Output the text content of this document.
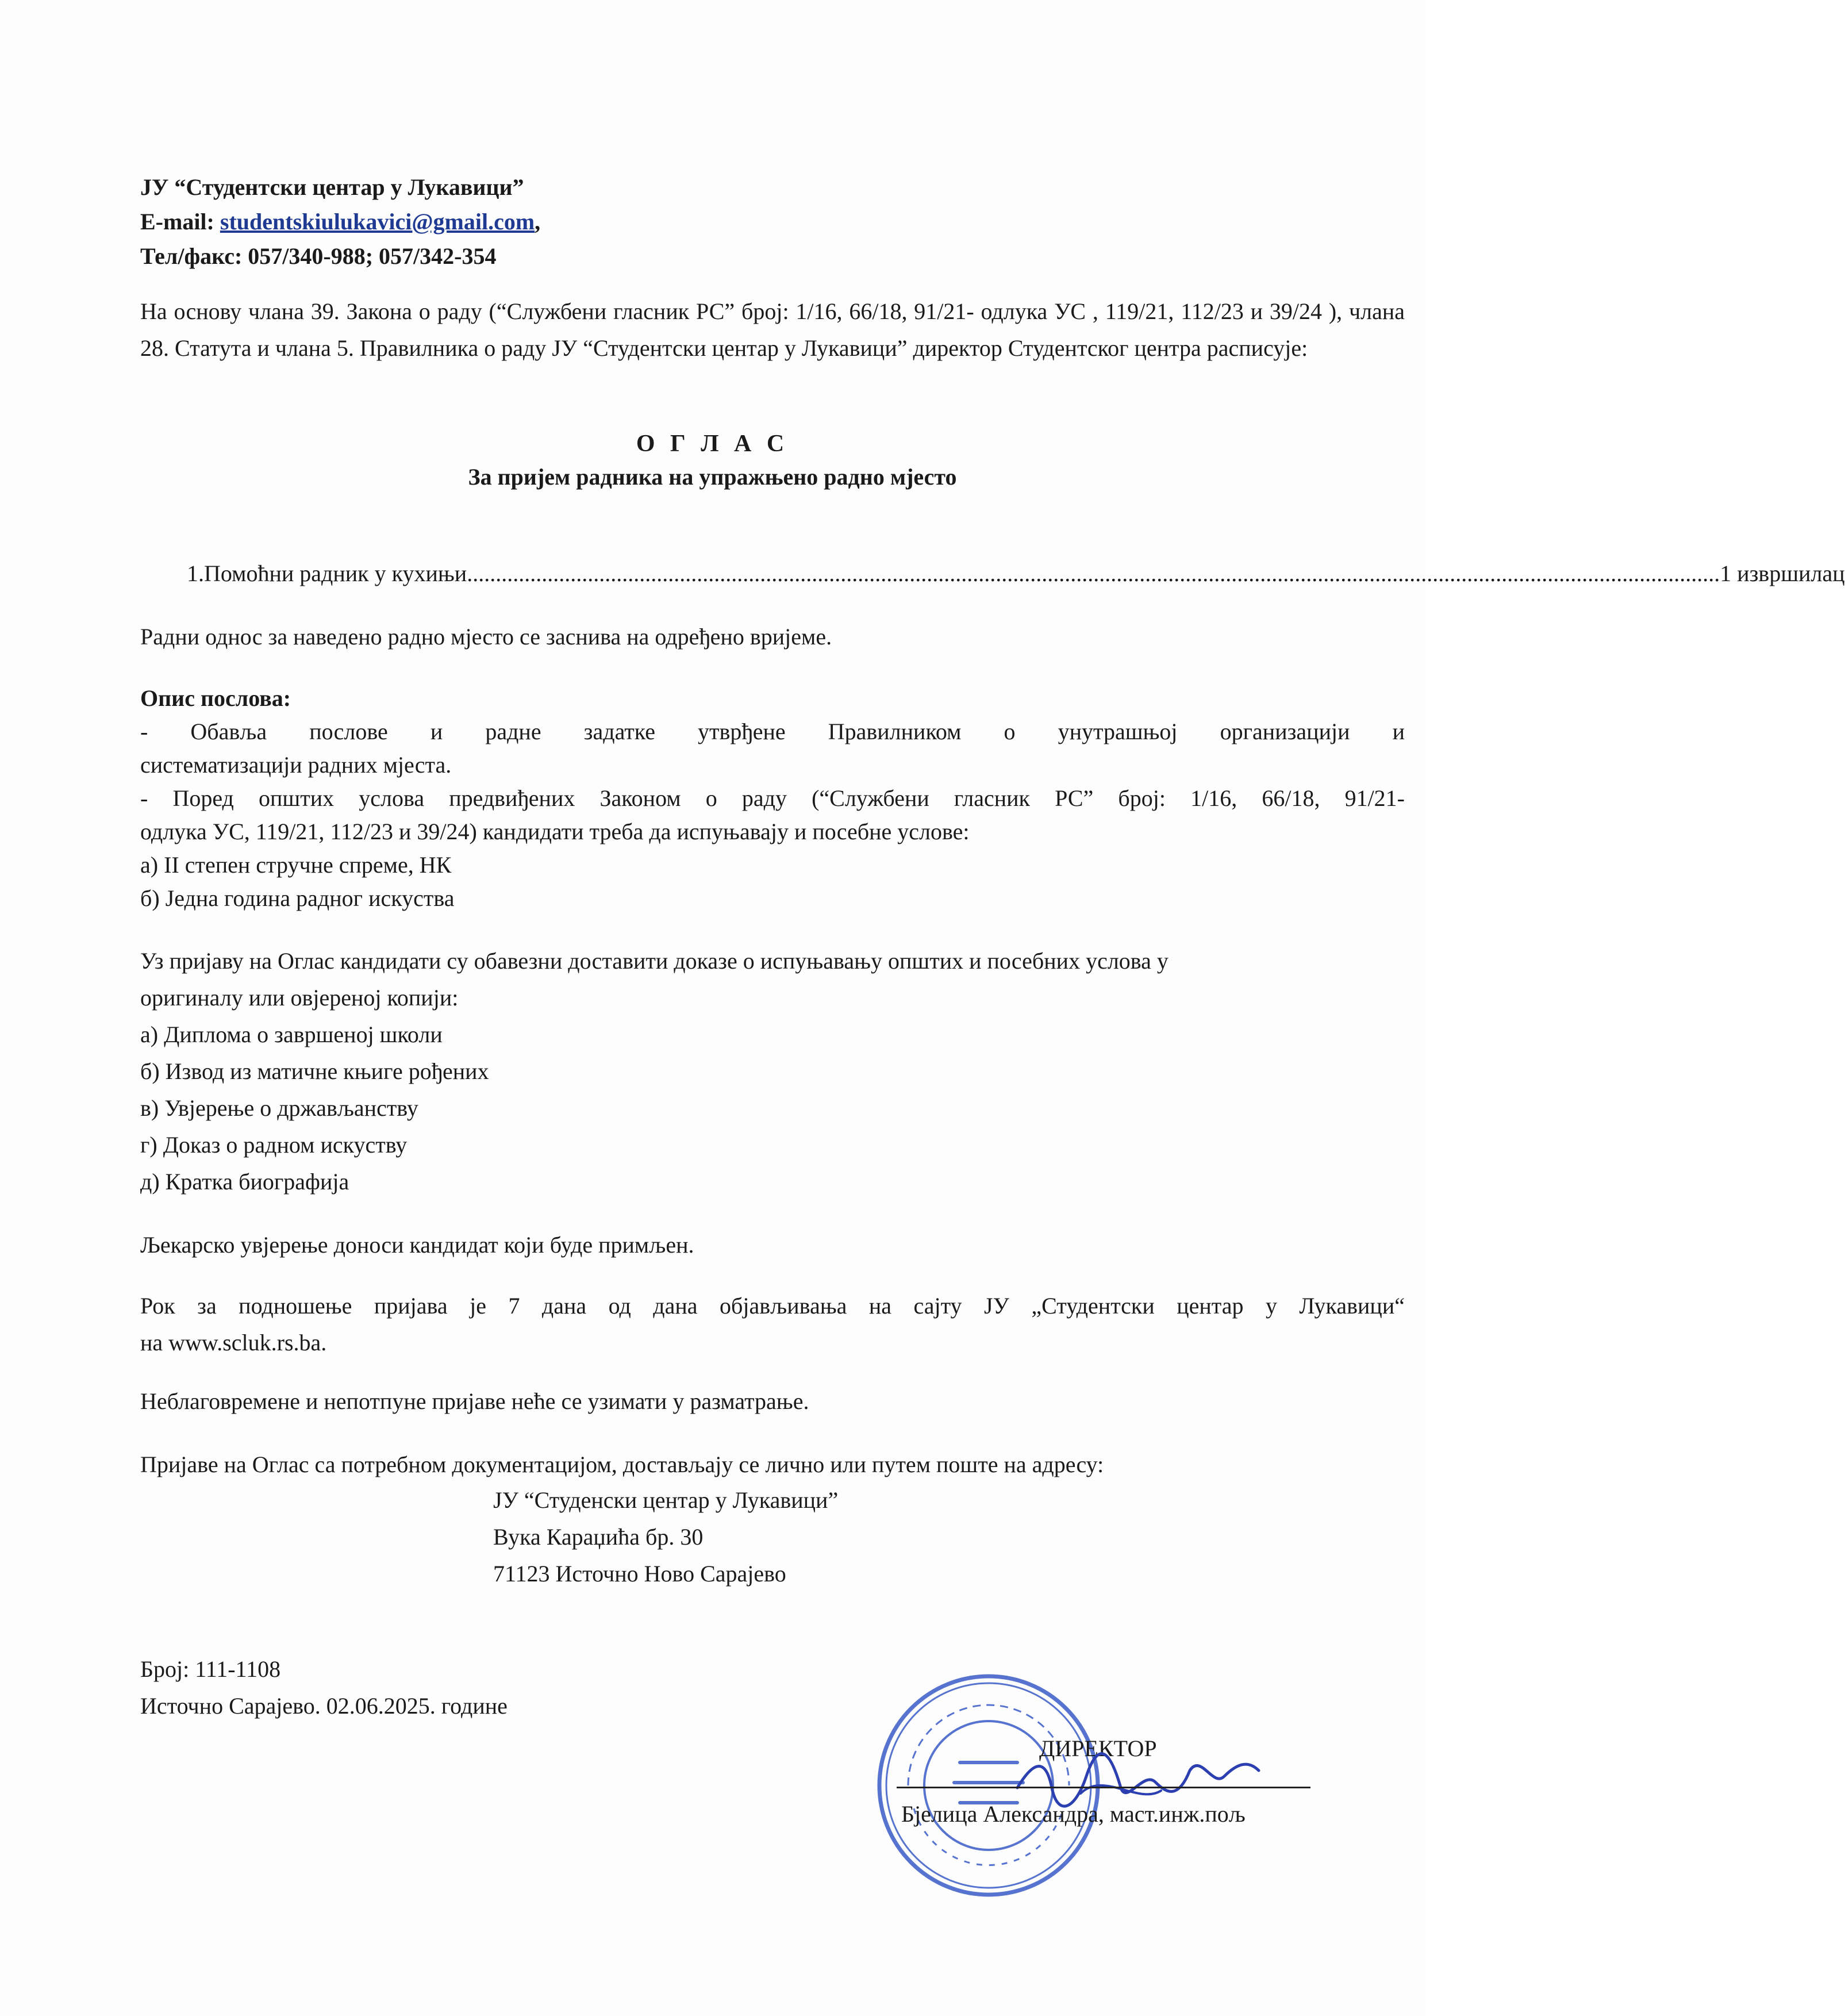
ЈУ “Студентски центар у Лукавици”
E-mail: studentskiulukavici@gmail.com,
Тел/факс: 057/340-988; 057/342-354
На основу члана 39. Закона о раду (“Службени гласник РС” број: 1/16, 66/18, 91/21- одлука УС , 119/21, 112/23 и 39/24 ), члана 28. Статута и члана 5. Правилника о раду ЈУ “Студентски центар у Лукавици” директор Студентског центра расписује:
О Г Л А С
За пријем радника на упражњено радно мјесто
1. Помоћни радник у кухињи .......................................................................................................................................................................................................................... 1 извршилац
Радни однос за наведено радно мјесто се заснива на одређено вријеме.
Опис послова:
- Обавља послове и радне задатке утврђене Правилником о унутрашњој организацији и
систематизацији радних мјеста.
- Поред општих услова предвиђених Законом о раду (“Службени гласник РС” број: 1/16, 66/18, 91/21-
одлука УС, 119/21, 112/23 и 39/24) кандидати треба да испуњавају и посебне услове:
а) II степен стручне спреме, НК
б) Једна година радног искуства
Уз пријаву на Оглас кандидати су обавезни доставити доказе о испуњавању општих и посебних услова у
оригиналу или овјереној копији:
а) Диплома о завршеној школи
б) Извод из матичне књиге рођених
в) Увјерење о држављанству
г) Доказ о радном искуству
д) Кратка биографија
Љекарско увјерење доноси кандидат који буде примљен.
Рок за подношење пријава је 7 дана од дана објављивања на сајту ЈУ „Студентски центар у Лукавици“
на www.scluk.rs.ba.
Неблаговремене и непотпуне пријаве неће се узимати у разматрање.
Пријаве на Оглас са потребном документацијом, достављају се лично или путем поште на адресу:
ЈУ “Студенски центар у Лукавици”
Вука Караџића бр. 30
71123 Источно Ново Сарајево
Број: 111-1108
Источно Сарајево. 02.06.2025. године
ДИРЕКТОР
Бјелица Александра, маст.инж.пољ
